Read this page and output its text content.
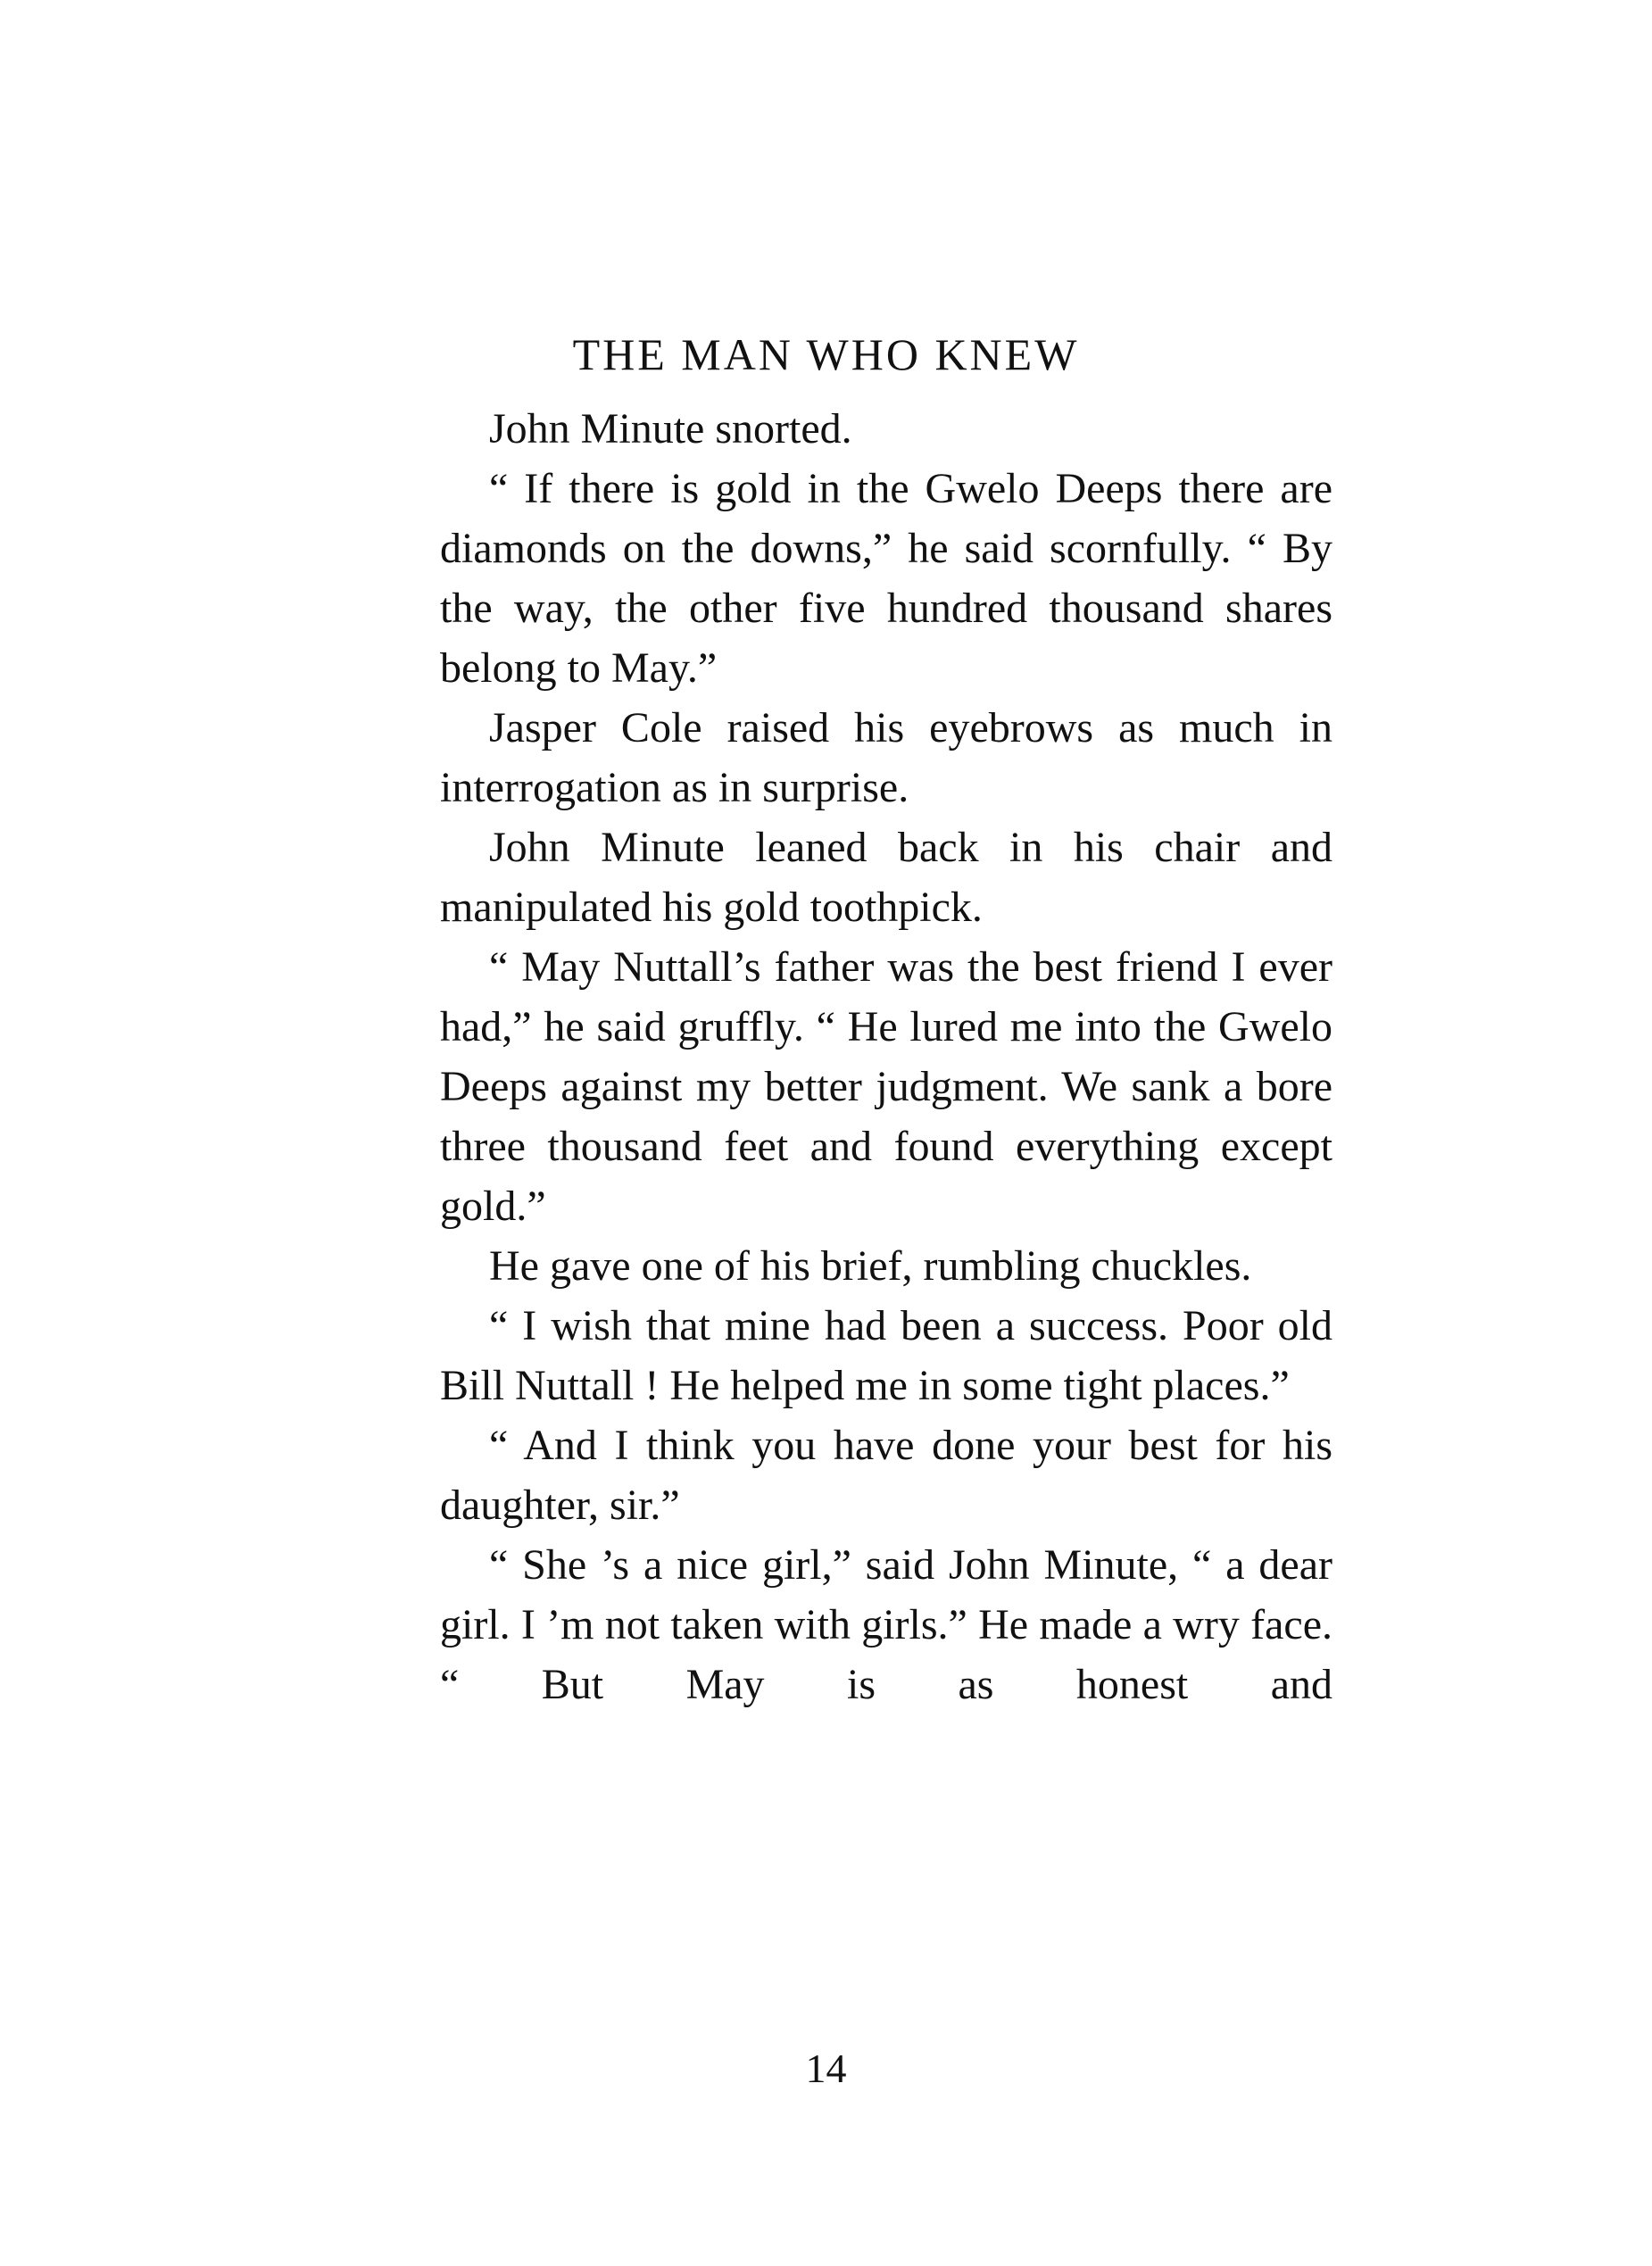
THE MAN WHO KNEW

John Minute snorted.

“ If there is gold in the Gwelo Deeps there are diamonds on the downs,” he said scornfully. “ By the way, the other five hundred thousand shares belong to May.”

Jasper Cole raised his eyebrows as much in interrogation as in surprise.

John Minute leaned back in his chair and manipulated his gold toothpick.

“ May Nuttall’s father was the best friend I ever had,” he said gruffly. “ He lured me into the Gwelo Deeps against my better judgment. We sank a bore three thousand feet and found everything except gold.”

He gave one of his brief, rumbling chuckles.

“ I wish that mine had been a success. Poor old Bill Nuttall ! He helped me in some tight places.”

“ And I think you have done your best for his daughter, sir.”

“ She ’s a nice girl,” said John Minute, “ a dear girl. I ’m not taken with girls.” He made a wry face. “ But May is as honest and

14
